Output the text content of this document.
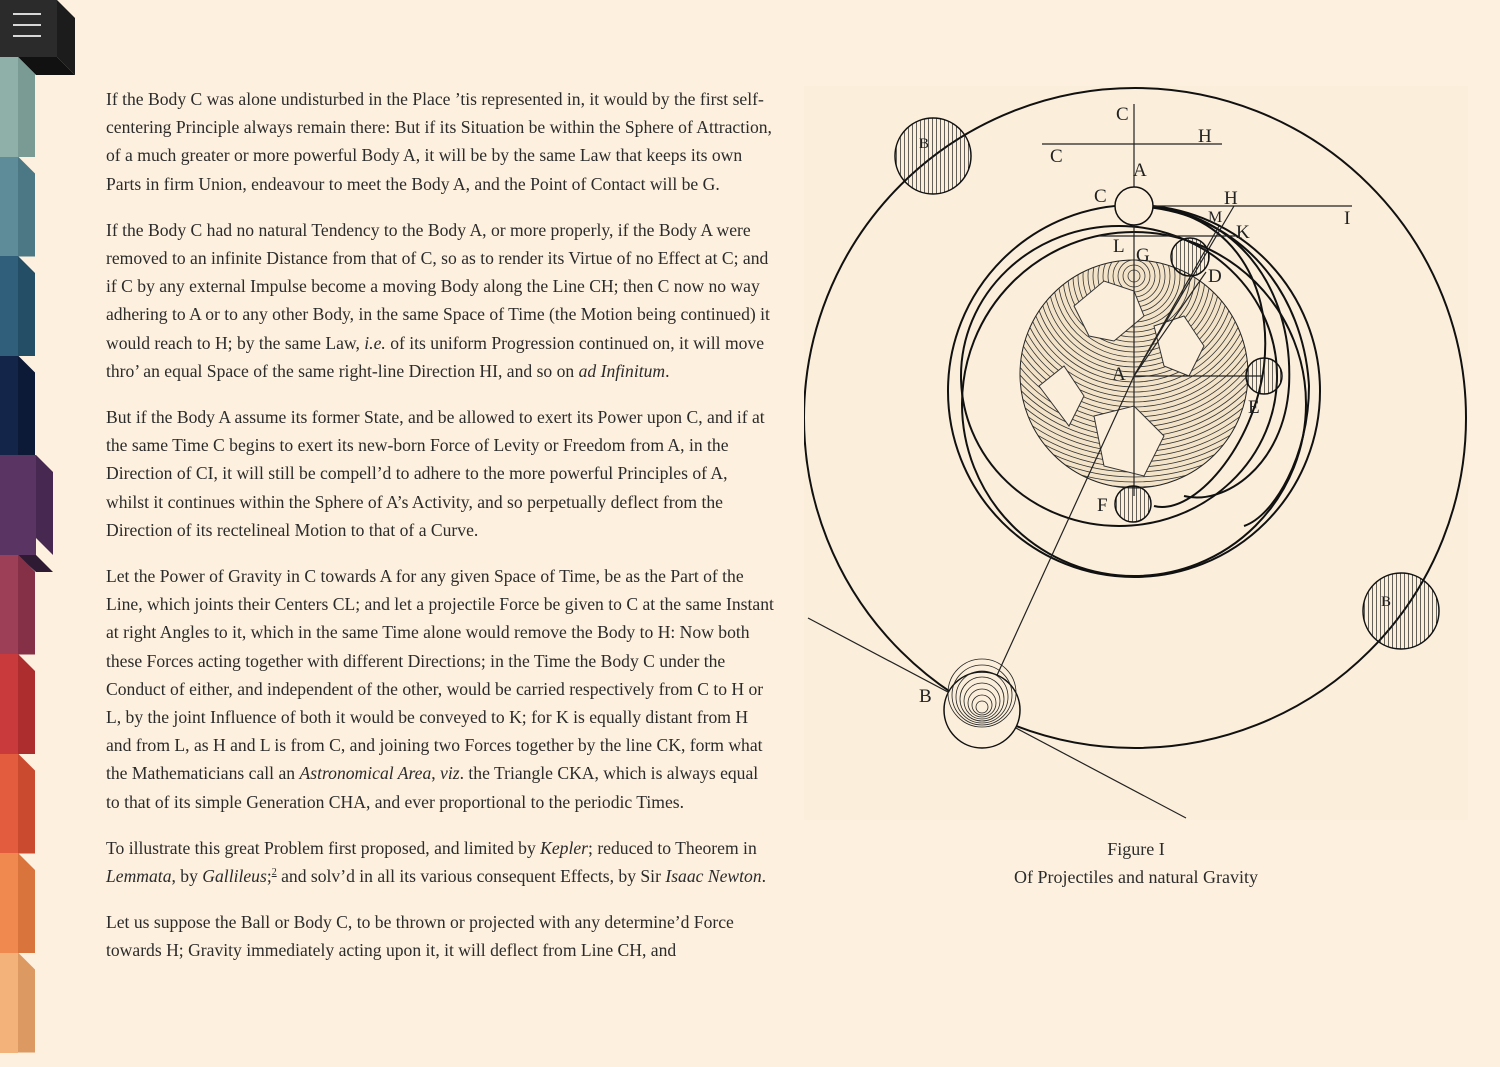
If the Body C was alone undisturbed in the Place ’tis represented in, it would by the first self-centering Principle always remain there: But if its Situation be within the Sphere of Attraction, of a much greater or more powerful Body A, it will be by the same Law that keeps its own Parts in firm Union, endeavour to meet the Body A, and the Point of Contact will be G.

If the Body C had no natural Tendency to the Body A, or more properly, if the Body A were removed to an infinite Distance from that of C, so as to render its Virtue of no Effect at C; and if C by any external Impulse become a moving Body along the Line CH; then C now no way adhering to A or to any other Body, in the same Space of Time (the Motion being continued) it would reach to H; by the same Law, i.e. of its uniform Progression continued on, it will move thro’ an equal Space of the same right-line Direction HI, and so on ad Infinitum.

But if the Body A assume its former State, and be allowed to exert its Power upon C, and if at the same Time C begins to exert its new-born Force of Levity or Freedom from A, in the Direction of CI, it will still be compell’d to adhere to the more powerful Principles of A, whilst it continues within the Sphere of A’s Activity, and so perpetually deflect from the Direction of its rectelineal Motion to that of a Curve.

Let the Power of Gravity in C towards A for any given Space of Time, be as the Part of the Line, which joints their Centers CL; and let a projectile Force be given to C at the same Instant at right Angles to it, which in the same Time alone would remove the Body to H: Now both these Forces acting together with different Directions; in the Time the Body C under the Conduct of either, and independent of the other, would be carried respectively from C to H or L, by the joint Influence of both it would be conveyed to K; for K is equally distant from H and from L, as H and L is from C, and joining two Forces together by the line CK, form what the Mathematicians call an Astronomical Area, viz. the Triangle CKA, which is always equal to that of its simple Generation CHA, and ever proportional to the periodic Times.

To illustrate this great Problem first proposed, and limited by Kepler; reduced to Theorem in Lemmata, by Gallileus;$^2$ and solv’d in all its various consequent Effects, by Sir Isaac Newton.

Let us suppose the Ball or Body C, to be thrown or projected with any determine’d Force towards H; Gravity immediately acting upon it, it will deflect from Line CH, and

C
H
C
A
C	H
I
M
K
L G
D
A
E
F
B
B
B
Figure I
Of Projectiles and natural Gravity
